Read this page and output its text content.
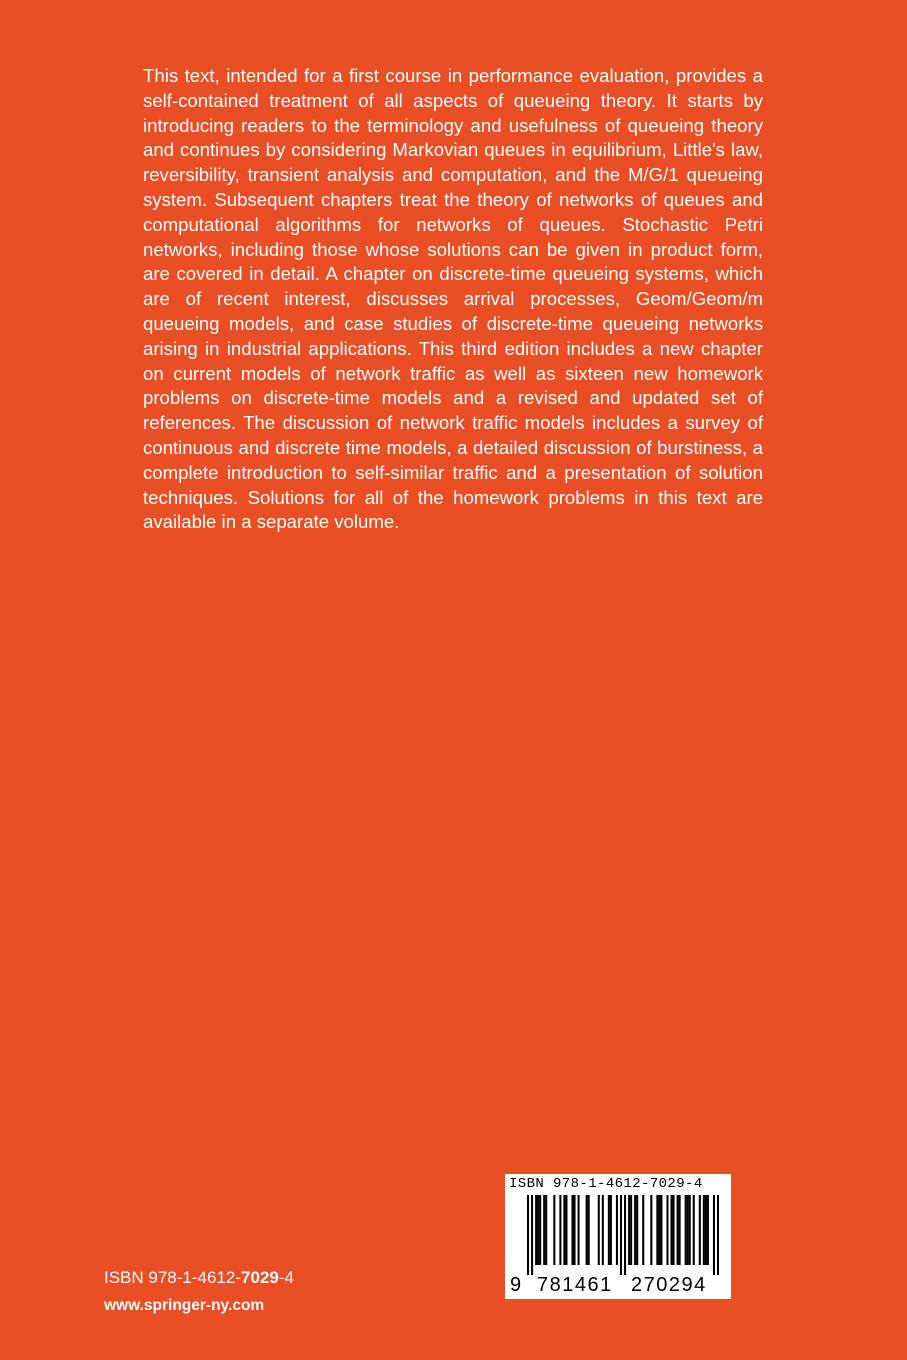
This text, intended for a first course in performance evaluation, provides a self-contained treatment of all aspects of queueing theory. It starts by introducing readers to the terminology and usefulness of queueing theory and continues by considering Markovian queues in equilibrium, Little's law, reversibility, transient analysis and computation, and the M/G/1 queueing system. Subsequent chapters treat the theory of networks of queues and computational algorithms for networks of queues. Stochastic Petri networks, including those whose solutions can be given in product form, are covered in detail. A chapter on discrete-time queueing systems, which are of recent interest, discusses arrival processes, Geom/Geom/m queueing models, and case studies of discrete-time queueing networks arising in industrial applications. This third edition includes a new chapter on current models of network traffic as well as sixteen new homework problems on discrete-time models and a revised and updated set of references. The discussion of network traffic models includes a survey of continuous and discrete time models, a detailed discussion of burstiness, a complete introduction to self-similar traffic and a presentation of solution techniques. Solutions for all of the homework problems in this text are available in a separate volume.

ISBN 978-1-4612-7029-4
www.springer-ny.com
ISBN 978-1-4612-7029-4
9 781461 270294
